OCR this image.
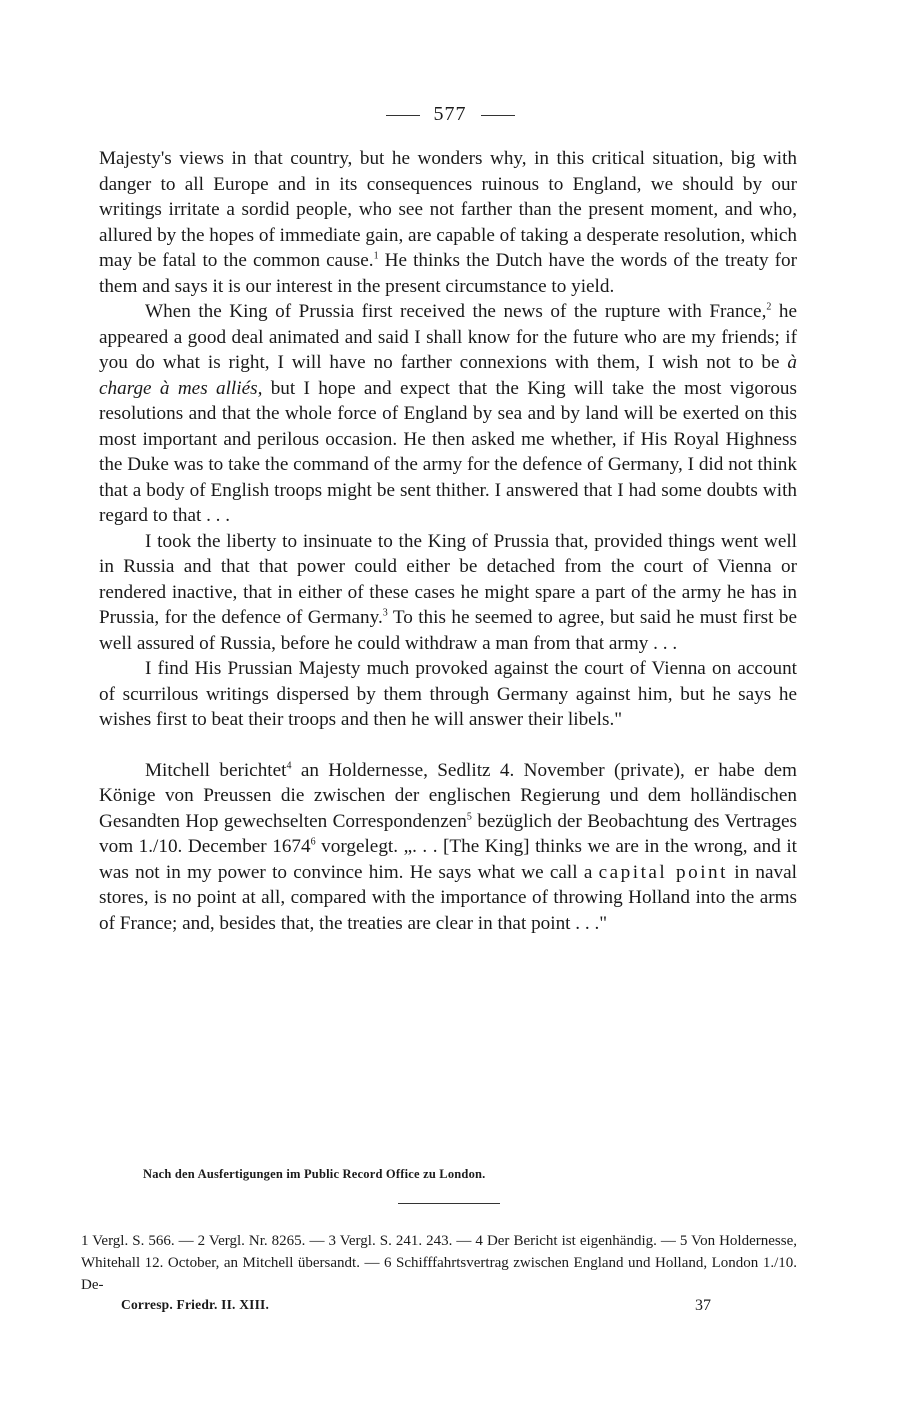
577

Majesty's views in that country, but he wonders why, in this critical situation, big with danger to all Europe and in its consequences ruinous to England, we should by our writings irritate a sordid people, who see not farther than the present moment, and who, allured by the hopes of immediate gain, are capable of taking a desperate resolution, which may be fatal to the common cause.$^1$ He thinks the Dutch have the words of the treaty for them and says it is our interest in the present circumstance to yield.

When the King of Prussia first received the news of the rupture with France,$^2$ he appeared a good deal animated and said I shall know for the future who are my friends; if you do what is right, I will have no farther connexions with them, I wish not to be à charge à mes alliés, but I hope and expect that the King will take the most vigorous resolutions and that the whole force of England by sea and by land will be exerted on this most important and perilous occasion. He then asked me whether, if His Royal Highness the Duke was to take the command of the army for the defence of Germany, I did not think that a body of English troops might be sent thither. I answered that I had some doubts with regard to that . . .

I took the liberty to insinuate to the King of Prussia that, provided things went well in Russia and that that power could either be detached from the court of Vienna or rendered inactive, that in either of these cases he might spare a part of the army he has in Prussia, for the defence of Germany.$^3$ To this he seemed to agree, but said he must first be well assured of Russia, before he could withdraw a man from that army . . .

I find His Prussian Majesty much provoked against the court of Vienna on account of scurrilous writings dispersed by them through Germany against him, but he says he wishes first to beat their troops and then he will answer their libels."

Mitchell berichtet$^4$ an Holdernesse, Sedlitz 4. November (private), er habe dem Könige von Preussen die zwischen der englischen Regierung und dem holländischen Gesandten Hop gewechselten Correspondenzen$^5$ bezüglich der Beobachtung des Vertrages vom 1./10. December 1674$^6$ vorgelegt. „. . . [The King] thinks we are in the wrong, and it was not in my power to convince him. He says what we call a capital point in naval stores, is no point at all, compared with the importance of throwing Holland into the arms of France; and, besides that, the treaties are clear in that point . . ."

Nach den Ausfertigungen im Public Record Office zu London.
1 Vergl. S. 566. — 2 Vergl. Nr. 8265. — 3 Vergl. S. 241. 243. — 4 Der Bericht ist eigenhändig. — 5 Von Holdernesse, Whitehall 12. October, an Mitchell übersandt. — 6 Schifffahrtsvertrag zwischen England und Holland, London 1./10. De-
Corresp. Friedr. II. XIII.	37
